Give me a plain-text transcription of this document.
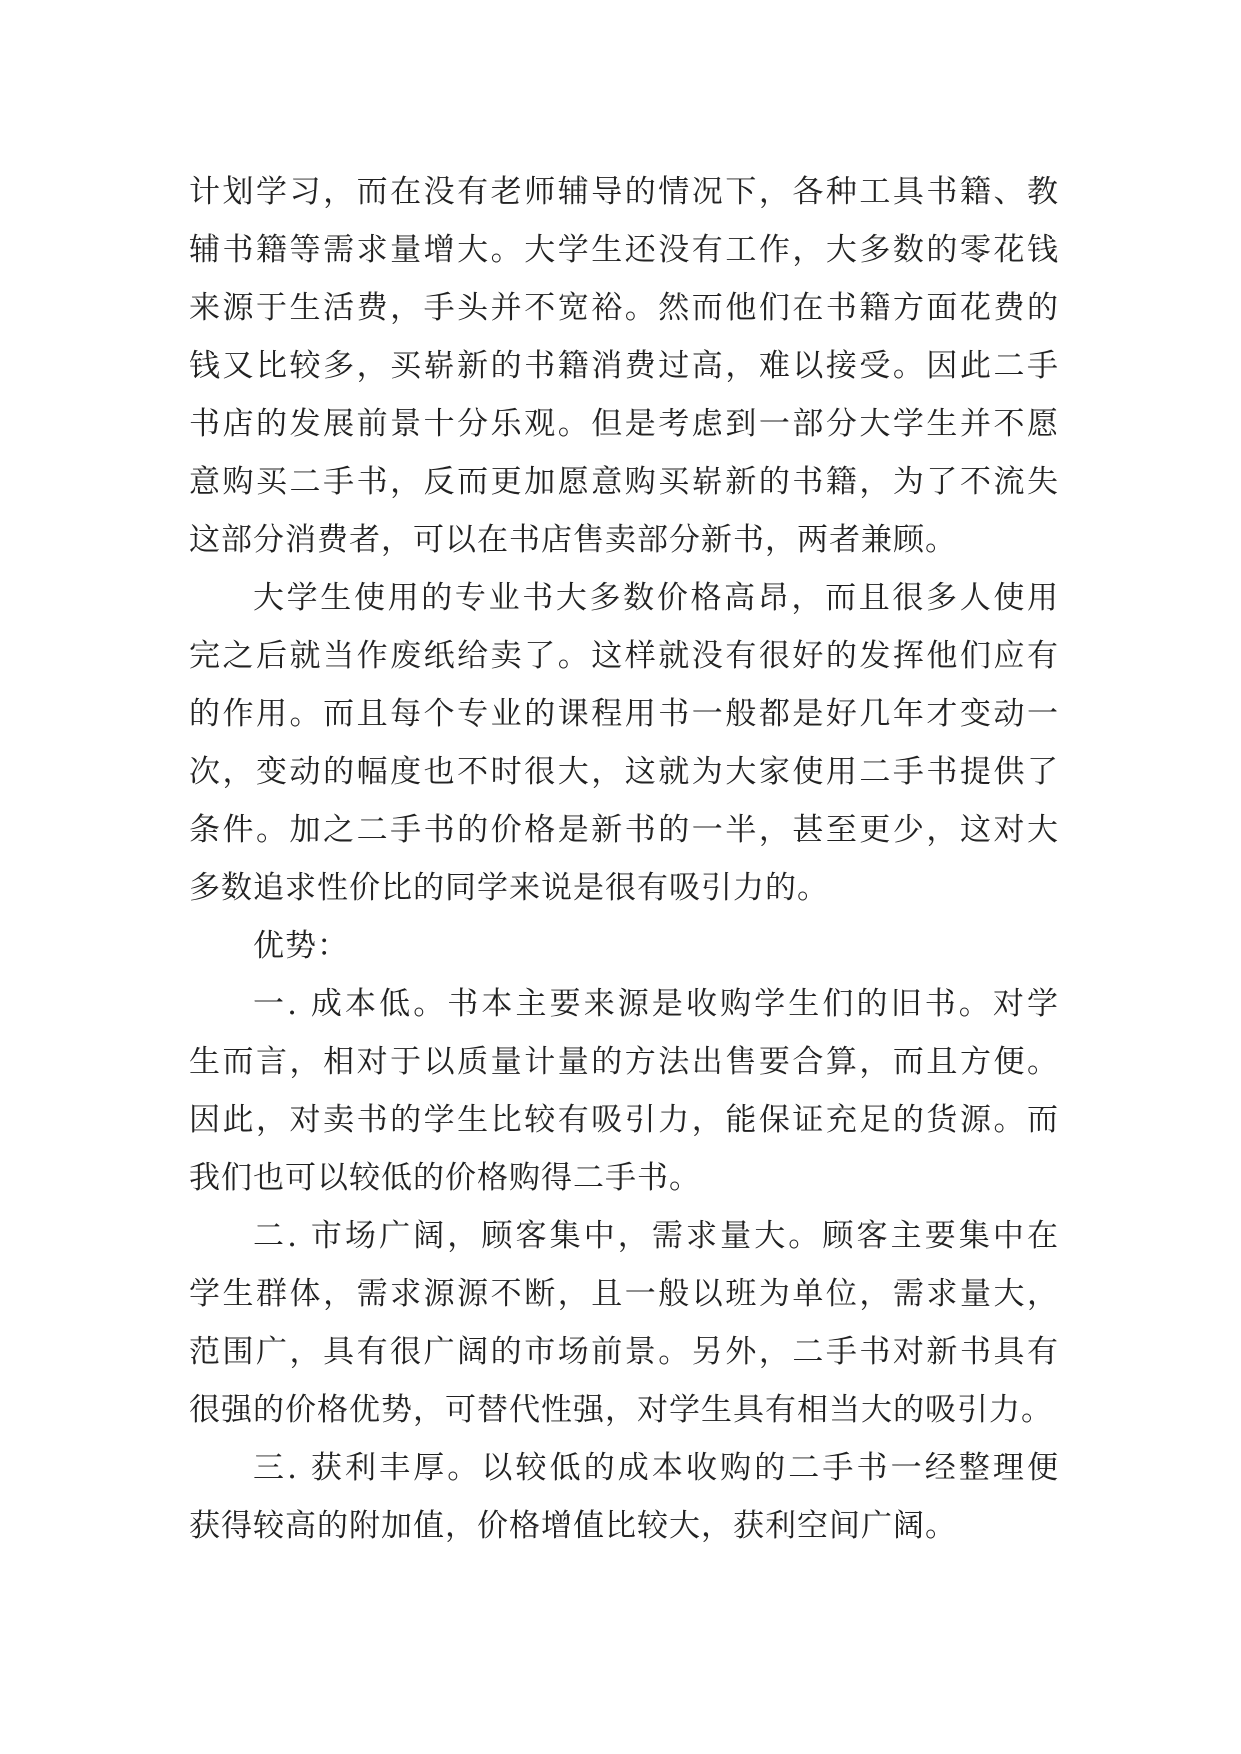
计划学习，而在没有老师辅导的情况下，各种工具书籍、教
辅书籍等需求量增大。大学生还没有工作，大多数的零花钱
来源于生活费，手头并不宽裕。然而他们在书籍方面花费的
钱又比较多，买崭新的书籍消费过高，难以接受。因此二手
书店的发展前景十分乐观。但是考虑到一部分大学生并不愿
意购买二手书，反而更加愿意购买崭新的书籍，为了不流失
这部分消费者，可以在书店售卖部分新书，两者兼顾。
大学生使用的专业书大多数价格高昂，而且很多人使用
完之后就当作废纸给卖了。这样就没有很好的发挥他们应有
的作用。而且每个专业的课程用书一般都是好几年才变动一
次，变动的幅度也不时很大，这就为大家使用二手书提供了
条件。加之二手书的价格是新书的一半，甚至更少，这对大
多数追求性价比的同学来说是很有吸引力的。
优势：
一. 成本低。书本主要来源是收购学生们的旧书。对学
生而言，相对于以质量计量的方法出售要合算，而且方便。
因此，对卖书的学生比较有吸引力，能保证充足的货源。而
我们也可以较低的价格购得二手书。
二. 市场广阔，顾客集中，需求量大。顾客主要集中在
学生群体，需求源源不断，且一般以班为单位，需求量大，
范围广，具有很广阔的市场前景。另外，二手书对新书具有
很强的价格优势，可替代性强，对学生具有相当大的吸引力。
三. 获利丰厚。以较低的成本收购的二手书一经整理便
获得较高的附加值，价格增值比较大，获利空间广阔。
